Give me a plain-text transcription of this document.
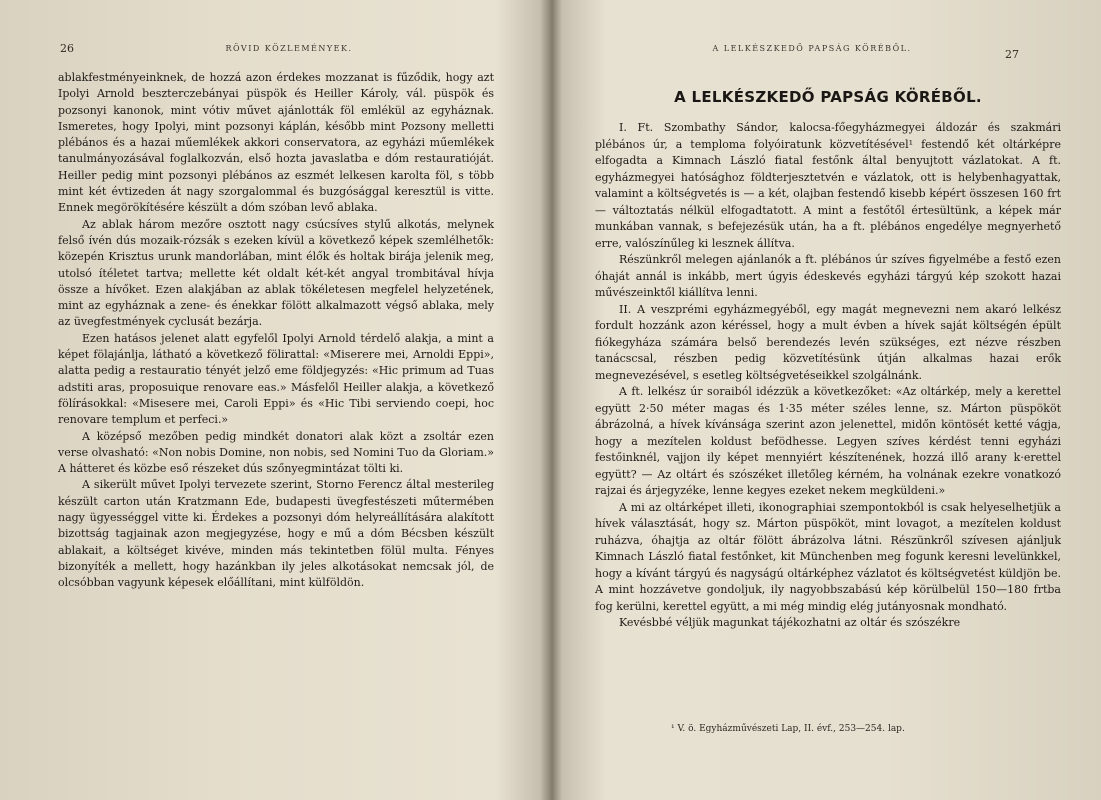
26	RÖVID KÖZLEMÉNYEK.

ablakfestményeinknek, de hozzá azon érdekes mozzanat is fűződik, hogy azt Ipolyi Arnold beszterczebányai püspök és Heiller Károly, vál. püspök és pozsonyi kanonok, mint vótiv művet ajánlották föl emlékül az egyháznak. Ismeretes, hogy Ipolyi, mint pozsonyi káplán, később mint Pozsony melletti plébános és a hazai műemlékek akkori conservatora, az egyházi műemlékek tanulmányozásával foglalkozván, első hozta javaslatba e dóm restauratióját. Heiller pedig mint pozsonyi plébános az eszmét lelkesen karolta föl, s több mint két évtizeden át nagy szorgalommal és buzgósággal keresztül is vitte. Ennek megörökítésére készült a dóm szóban levő ablaka.

Az ablak három mezőre osztott nagy csúcsíves stylű alkotás, melynek felső ívén dús mozaik-rózsák s ezeken kívül a következő képek szemlélhetők: közepén Krisztus urunk mandorlában, mint élők és holtak birája jelenik meg, utolsó ítéletet tartva; mellette két oldalt két-két angyal trombitával hívja össze a hívőket. Ezen alakjában az ablak tökéletesen megfelel helyzetének, mint az egyháznak a zene- és énekkar fölött alkalmazott végső ablaka, mely az üvegfestmények cyclusát bezárja.

Ezen hatásos jelenet alatt egyfelől Ipolyi Arnold térdelő alakja, a mint a képet fölajánlja, látható a következő fölirattal: «Miserere mei, Arnoldi Eppi», alatta pedig a restauratio tényét jelző eme földjegyzés: «Hic primum ad Tuas adstiti aras, proposuique renovare eas.» Másfelől Heiller alakja, a következő fölírásokkal: «Misesere mei, Caroli Eppi» és «Hic Tibi serviendo coepi, hoc renovare templum et perfeci.»

A középső mezőben pedig mindkét donatori alak közt a zsoltár ezen verse olvasható: «Non nobis Domine, non nobis, sed Nomini Tuo da Gloriam.» A hátteret és közbe eső részeket dús szőnyegmintázat tölti ki.

A sikerült művet Ipolyi tervezete szerint, Storno Ferencz által mesterileg készült carton után Kratzmann Ede, budapesti üvegfestészeti műtermében nagy ügyességgel vitte ki. Érdekes a pozsonyi dóm helyreállítására alakított bizottság tagjainak azon megjegyzése, hogy e mű a dóm Bécsben készült ablakait, a költséget kivéve, minden más tekintetben fölül multa. Fényes bizonyíték a mellett, hogy hazánkban ily jeles alkotásokat nemcsak jól, de olcsóbban vagyunk képesek előállítani, mint külföldön.

A LELKÉSZKEDŐ PAPSÁG KÖRÉBŐL.	27
A LELKÉSZKEDŐ PAPSÁG KÖRÉBŐL.

I. Ft. Szombathy Sándor, kalocsa-főegyházmegyei áldozár és szakmári plébános úr, a temploma folyóiratunk közvetítésével¹ festendő két oltárképre elfogadta a Kimnach László fiatal festőnk által benyujtott vázlatokat. A ft. egyházmegyei hatósághoz földterjesztetvén e vázlatok, ott is helybenhagyattak, valamint a költségvetés is — a két, olajban festendő kisebb képért összesen 160 frt — változtatás nélkül elfogadtatott. A mint a festőtől értesültünk, a képek már munkában vannak, s befejezésük után, ha a ft. plébános engedélye megnyerhető erre, valószínűleg ki lesznek állítva.

Részünkről melegen ajánlanók a ft. plébános úr szíves figyelmébe a festő ezen óhaját annál is inkább, mert úgyis édeskevés egyházi tárgyú kép szokott hazai művészeinktől kiállítva lenni.

II. A veszprémi egyházmegyéből, egy magát megnevezni nem akaró lelkész fordult hozzánk azon kéréssel, hogy a mult évben a hívek saját költségén épült fiókegyháza számára belső berendezés levén szükséges, ezt nézve részben tanácscsal, részben pedig közvetítésünk útján alkalmas hazai erők megnevezésével, s esetleg költségvetéseikkel szolgálnánk.

A ft. lelkész úr soraiból idézzük a következőket: «Az oltárkép, mely a kerettel együtt 2·50 méter magas és 1·35 méter széles lenne, sz. Márton püspököt ábrázolná, a hívek kívánsága szerint azon jelenettel, midőn köntösét ketté vágja, hogy a mezítelen koldust befödhesse. Legyen szíves kérdést tenni egyházi festőinknél, vajjon ily képet mennyiért készítenének, hozzá illő arany k·erettel együtt? — Az oltárt és szószéket illetőleg kérném, ha volnának ezekre vonatkozó rajzai és árjegyzéke, lenne kegyes ezeket nekem megküldeni.»

A mi az oltárképet illeti, ikonographiai szempontokból is csak helyeselhetjük a hívek választását, hogy sz. Márton püspököt, mint lovagot, a mezítelen koldust ruházva, óhajtja az oltár fölött ábrázolva látni. Részünkről szívesen ajánljuk Kimnach László fiatal festőnket, kit Münchenben meg fogunk keresni levelünkkel, hogy a kívánt tárgyú és nagyságú oltárképhez vázlatot és költségvetést küldjön be. A mint hozzávetve gondoljuk, ily nagyobbszabású kép körülbelül 150—180 frtba fog kerülni, kerettel együtt, a mi még mindig elég jutányosnak mondható.

Kevésbbé véljük magunkat tájékozhatni az oltár és szószékre

¹ V. ö. Egyházművészeti Lap, II. évf., 253—254. lap.
